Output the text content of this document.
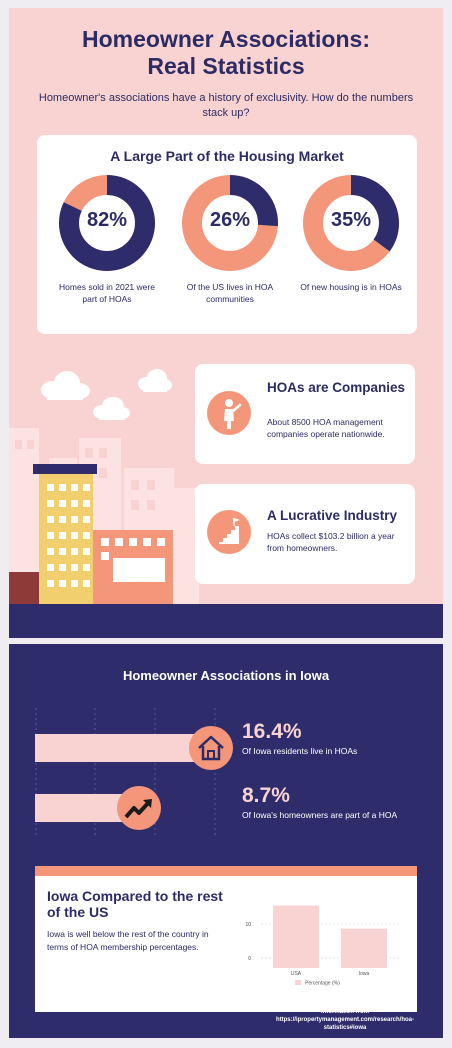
Homeowner Associations:
Real Statistics
Homeowner's associations have a history of exclusivity. How do the numbers stack up?
A Large Part of the Housing Market
82%
Homes sold in 2021 were part of HOAs
26%
Of the US lives in HOA communities
35%
Of new housing is in HOAs
HOAs are Companies
About 8500 HOA management companies operate nationwide.
A Lucrative Industry
HOAs collect $103.2 billion a year from homeowners.
Homeowner Associations in Iowa
16.4%
Of Iowa residents live in HOAs
8.7%
Of Iowa's homeowners are part of a HOA
Iowa Compared to the rest of the US
Iowa is well below the rest of the country in terms of HOA membership percentages.
10
0
USA	Iowa
Percentage (%)
Information from
https://ipropertymanagement.com/research/hoa-statistics#iowa
